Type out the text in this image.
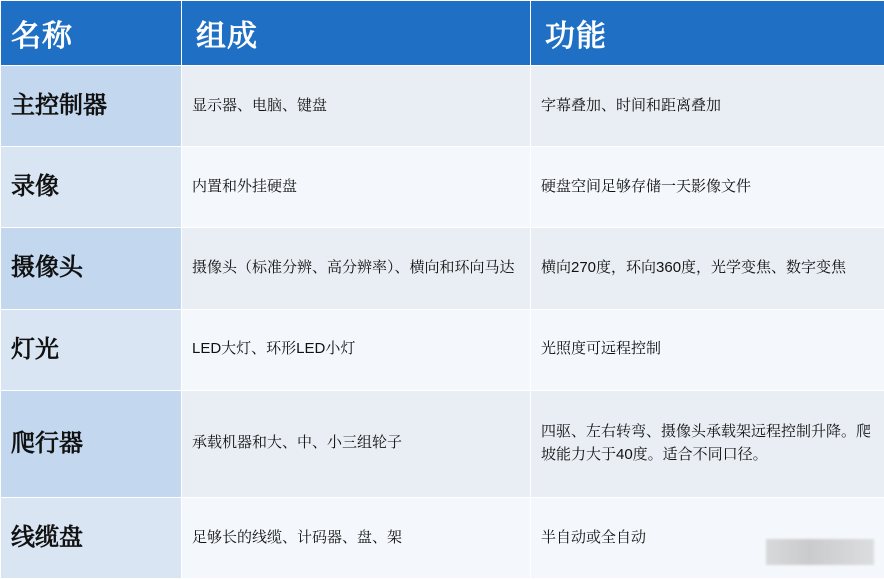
名称	组成	功能
主控制器	显示器、电脑、键盘	字幕叠加、时间和距离叠加
录像	内置和外挂硬盘	硬盘空间足够存储一天影像文件
摄像头	摄像头（标准分辨、高分辨率）、横向和环向马达	横向270度，环向360度，光学变焦、数字变焦
灯光	LED大灯、环形LED小灯	光照度可远程控制
爬行器	承载机器和大、中、小三组轮子	四驱、左右转弯、摄像头承载架远程控制升降。爬坡能力大于40度。适合不同口径。
线缆盘	足够长的线缆、计码器、盘、架	半自动或全自动
